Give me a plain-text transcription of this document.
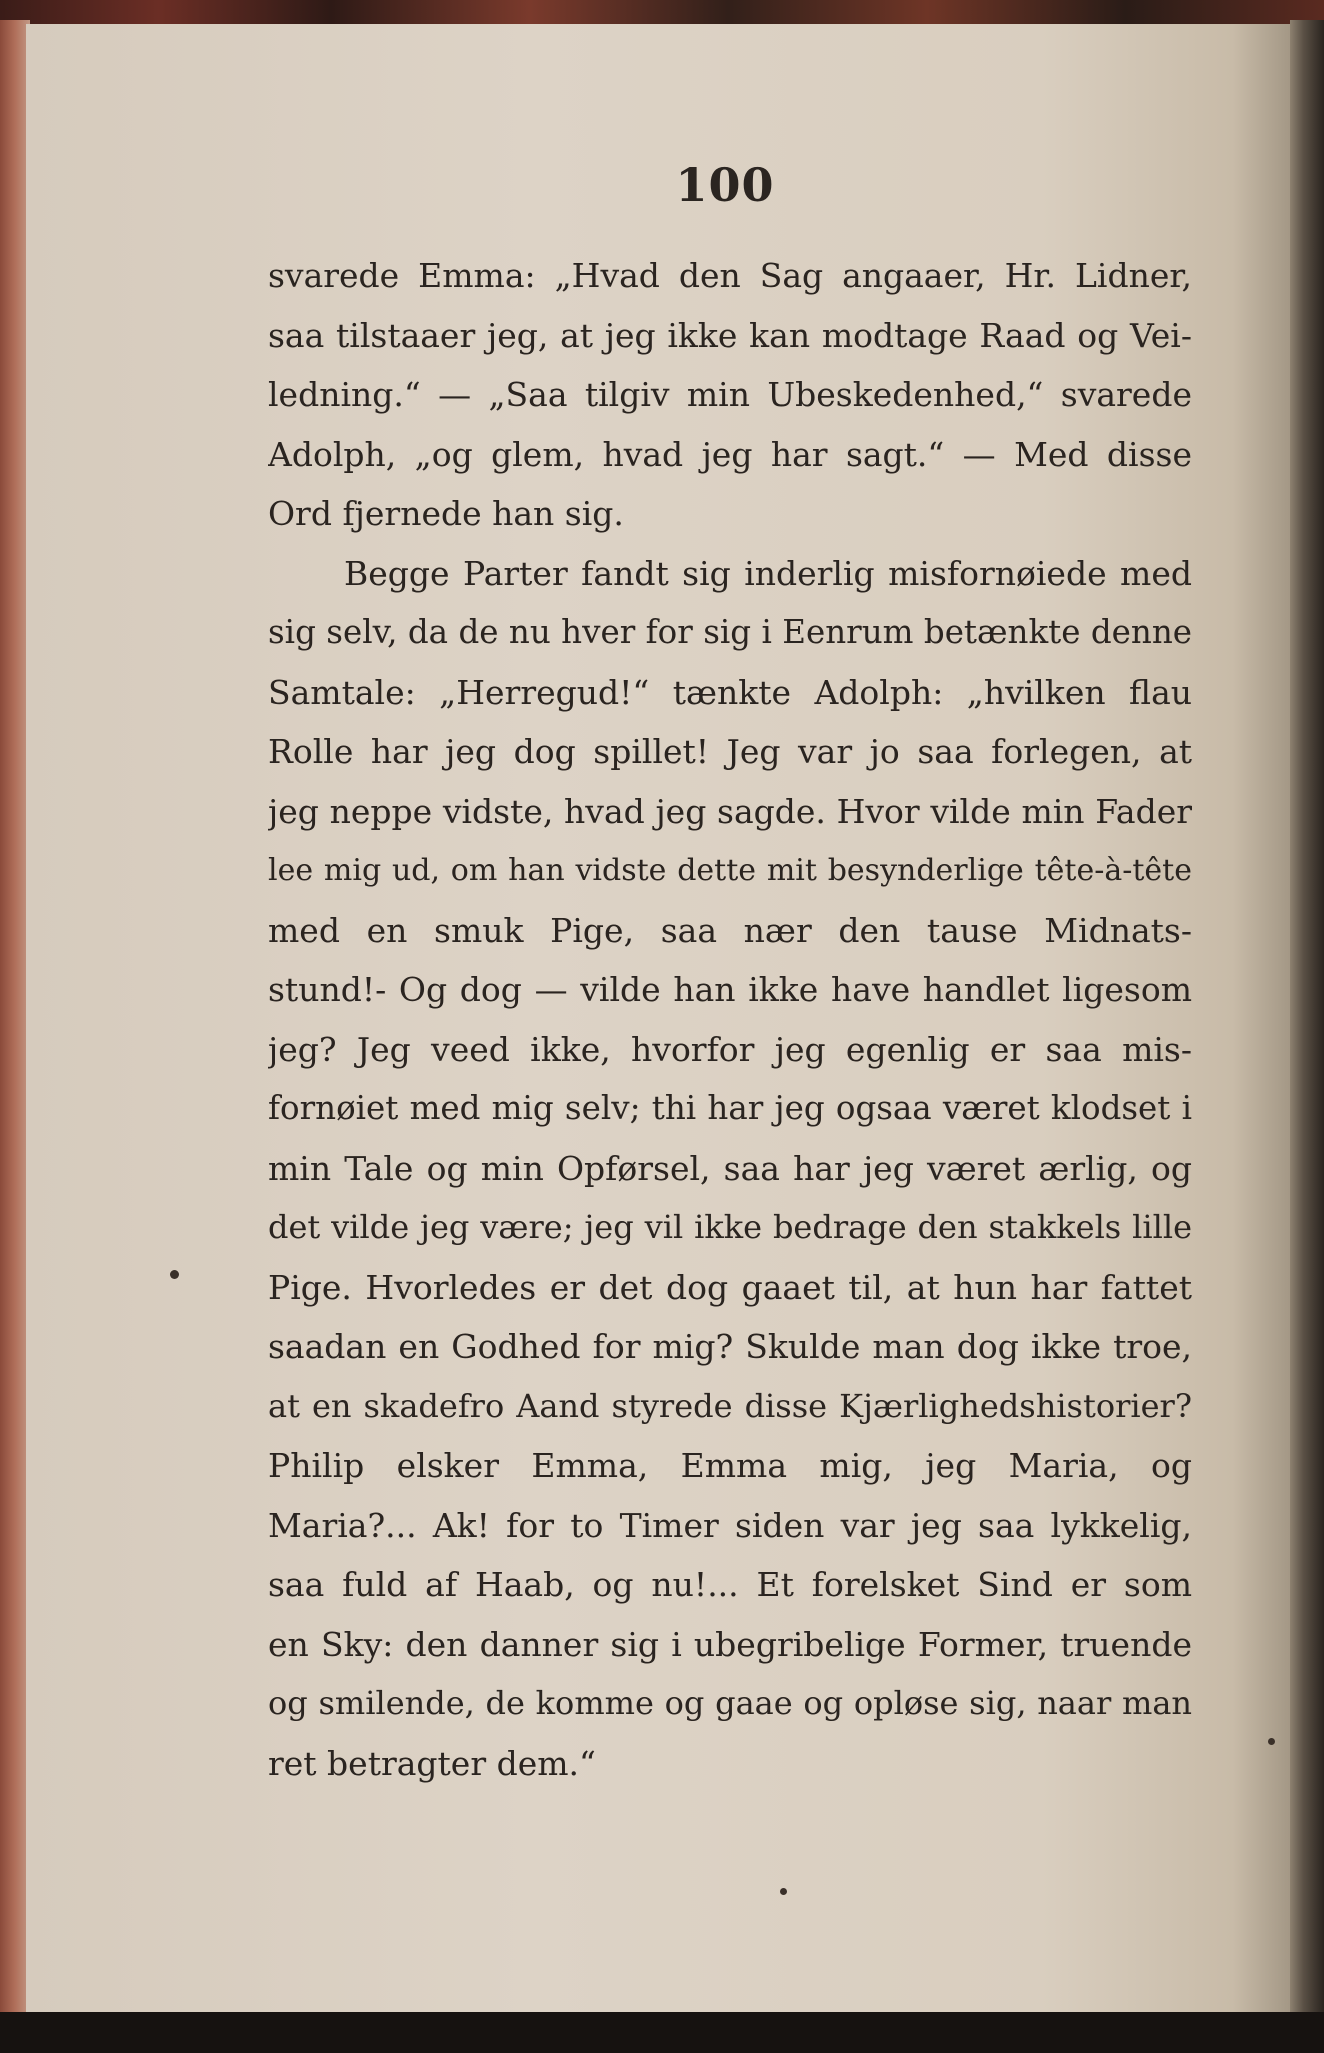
100
svarede Emma: „Hvad den Sag angaaer, Hr. Lidner,
saa tilstaaer jeg, at jeg ikke kan modtage Raad og Vei-
ledning.“ — „Saa tilgiv min Ubeskedenhed,“ svarede
Adolph, „og glem, hvad jeg har sagt.“ — Med disse
Ord fjernede han sig.
Begge Parter fandt sig inderlig misfornøiede med
sig selv, da de nu hver for sig i Eenrum betænkte denne
Samtale: „Herregud!“ tænkte Adolph: „hvilken flau
Rolle har jeg dog spillet! Jeg var jo saa forlegen, at
jeg neppe vidste, hvad jeg sagde. Hvor vilde min Fader
lee mig ud, om han vidste dette mit besynderlige tête-à-tête
med en smuk Pige, saa nær den tause Midnats-
stund!- Og dog — vilde han ikke have handlet ligesom
jeg? Jeg veed ikke, hvorfor jeg egenlig er saa mis-
fornøiet med mig selv; thi har jeg ogsaa været klodset i
min Tale og min Opførsel, saa har jeg været ærlig, og
det vilde jeg være; jeg vil ikke bedrage den stakkels lille
Pige. Hvorledes er det dog gaaet til, at hun har fattet
saadan en Godhed for mig? Skulde man dog ikke troe,
at en skadefro Aand styrede disse Kjærlighedshistorier?
Philip elsker Emma, Emma mig, jeg Maria, og
Maria?... Ak! for to Timer siden var jeg saa lykkelig,
saa fuld af Haab, og nu!... Et forelsket Sind er som
en Sky: den danner sig i ubegribelige Former, truende
og smilende, de komme og gaae og opløse sig, naar man
ret betragter dem.“
